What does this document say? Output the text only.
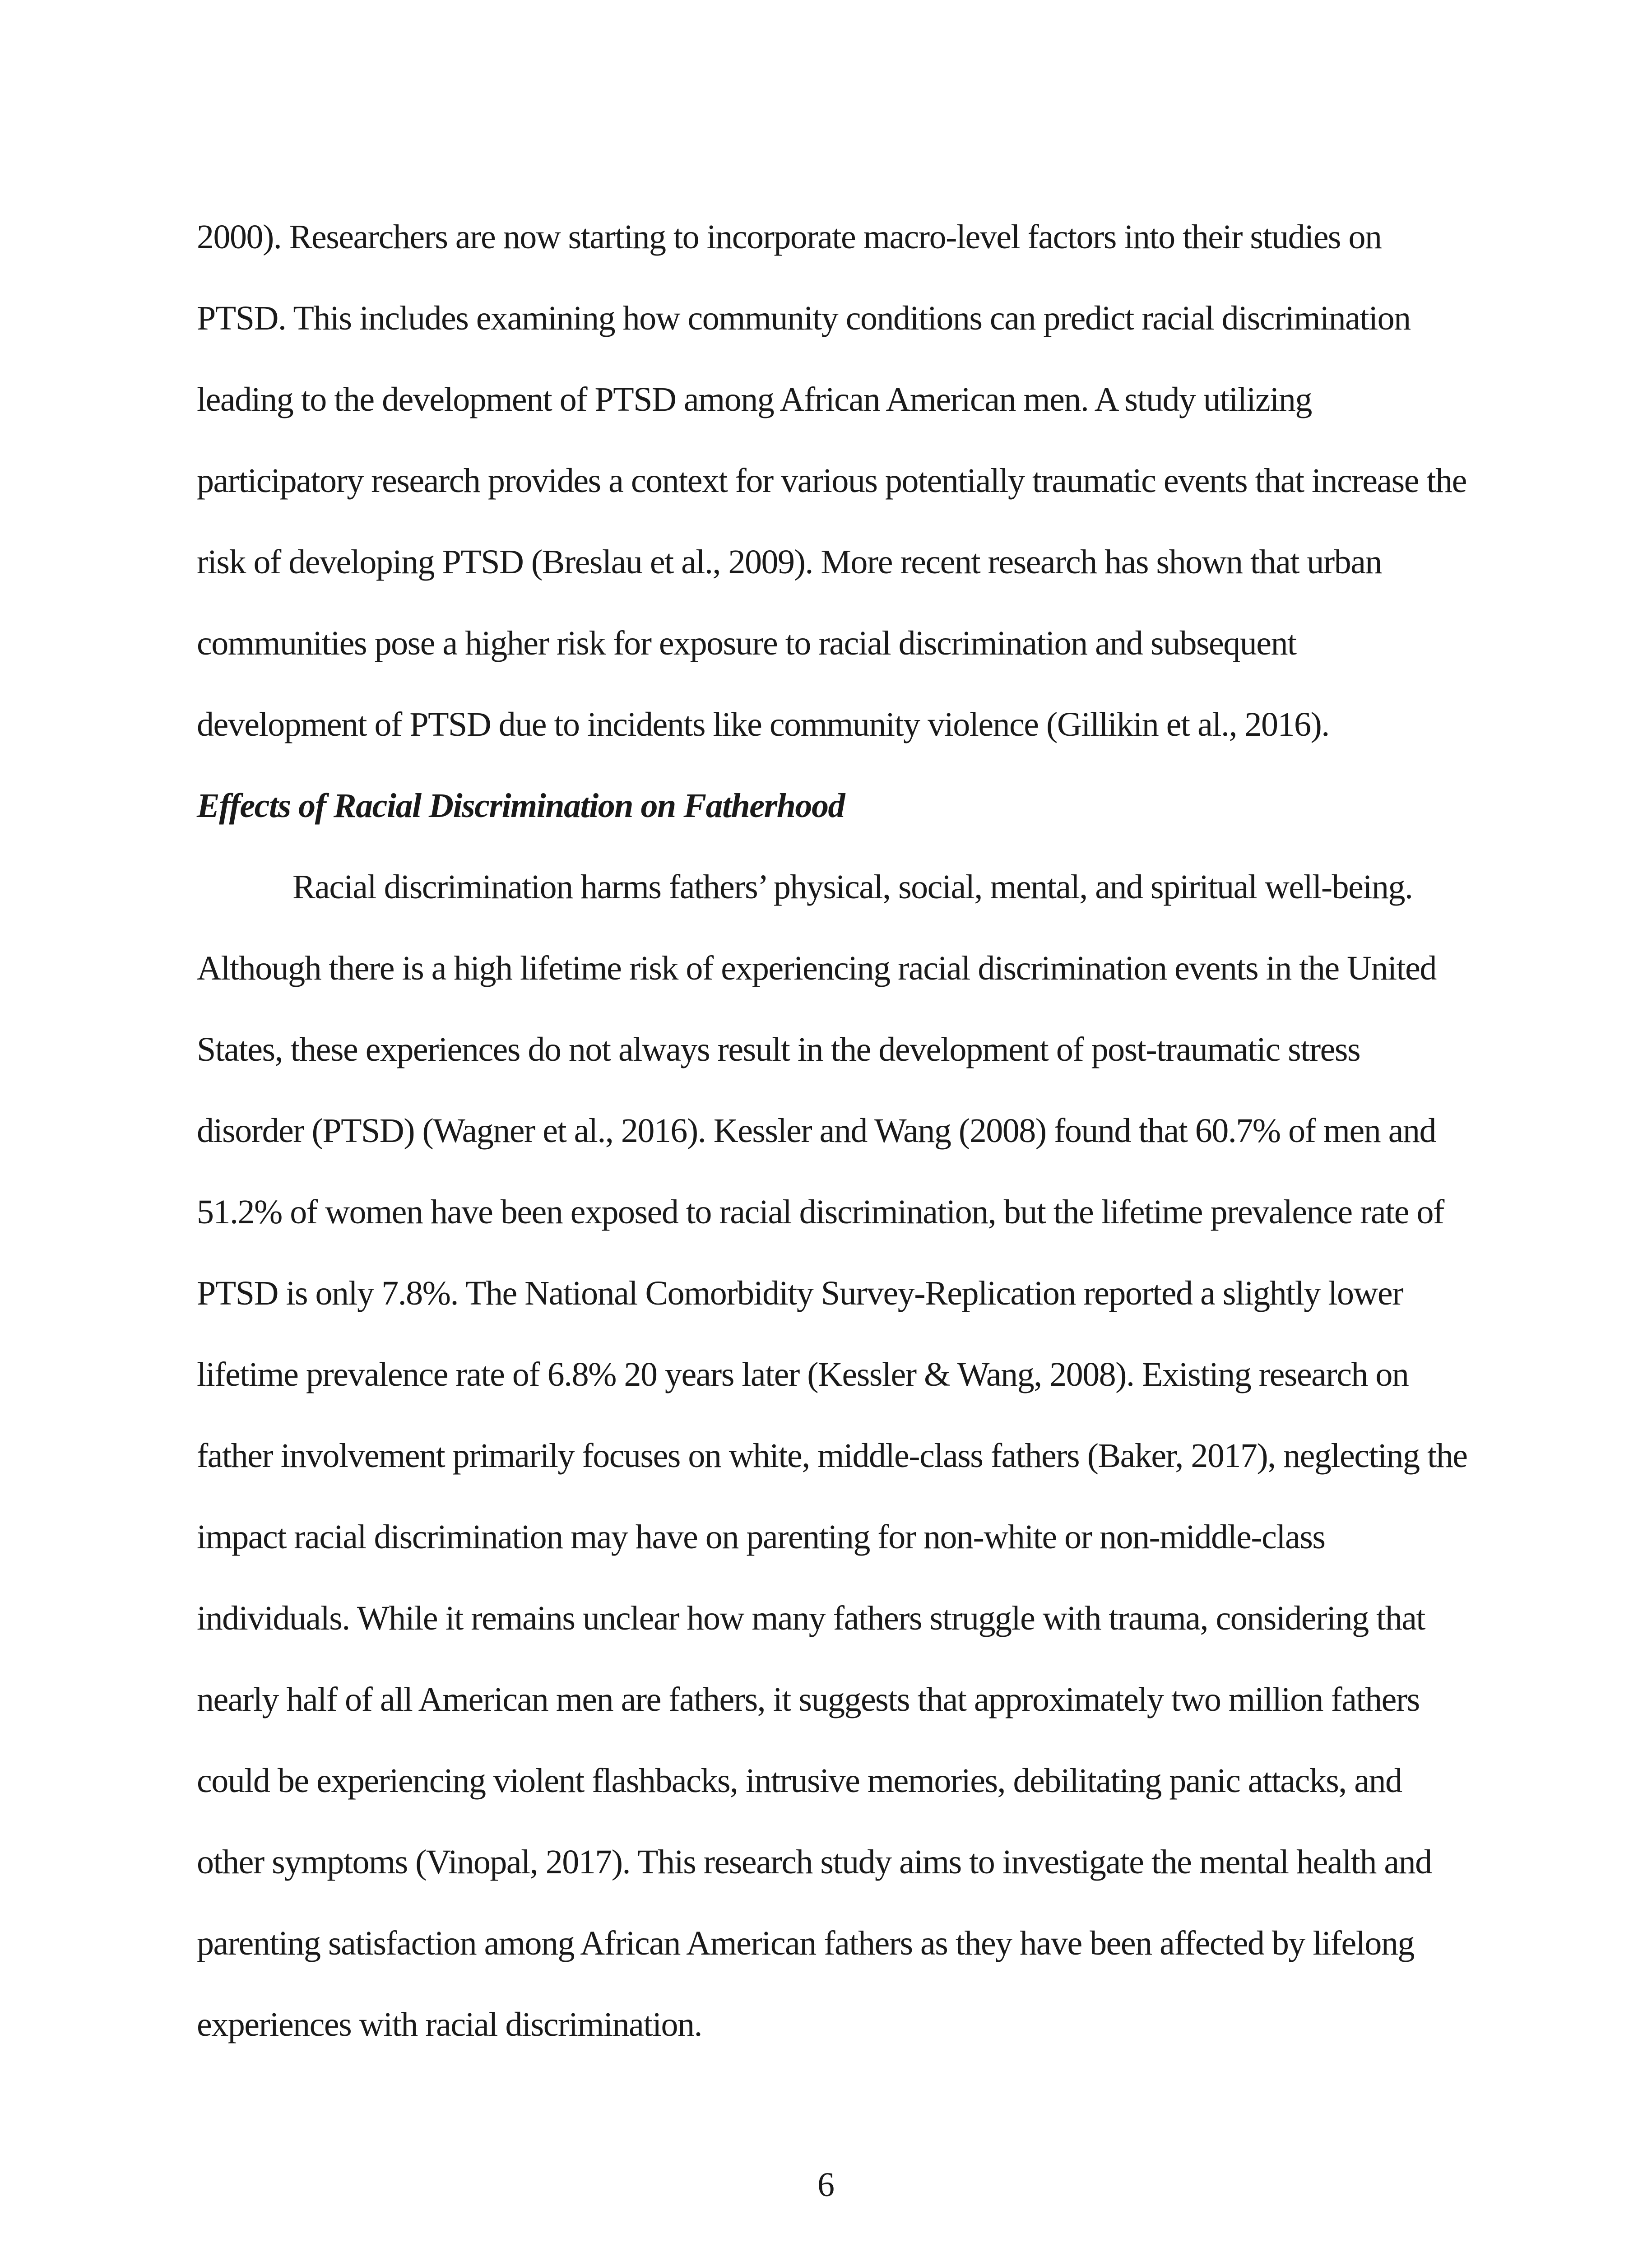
2000). Researchers are now starting to incorporate macro-level factors into their studies on
PTSD. This includes examining how community conditions can predict racial discrimination
leading to the development of PTSD among African American men. A study utilizing
participatory research provides a context for various potentially traumatic events that increase the
risk of developing PTSD (Breslau et al., 2009). More recent research has shown that urban
communities pose a higher risk for exposure to racial discrimination and subsequent
development of PTSD due to incidents like community violence (Gillikin et al., 2016).
Effects of Racial Discrimination on Fatherhood
Racial discrimination harms fathers’ physical, social, mental, and spiritual well-being.
Although there is a high lifetime risk of experiencing racial discrimination events in the United
States, these experiences do not always result in the development of post-traumatic stress
disorder (PTSD) (Wagner et al., 2016). Kessler and Wang (2008) found that 60.7% of men and
51.2% of women have been exposed to racial discrimination, but the lifetime prevalence rate of
PTSD is only 7.8%. The National Comorbidity Survey-Replication reported a slightly lower
lifetime prevalence rate of 6.8% 20 years later (Kessler & Wang, 2008). Existing research on
father involvement primarily focuses on white, middle-class fathers (Baker, 2017), neglecting the
impact racial discrimination may have on parenting for non-white or non-middle-class
individuals. While it remains unclear how many fathers struggle with trauma, considering that
nearly half of all American men are fathers, it suggests that approximately two million fathers
could be experiencing violent flashbacks, intrusive memories, debilitating panic attacks, and
other symptoms (Vinopal, 2017). This research study aims to investigate the mental health and
parenting satisfaction among African American fathers as they have been affected by lifelong
experiences with racial discrimination.
6
